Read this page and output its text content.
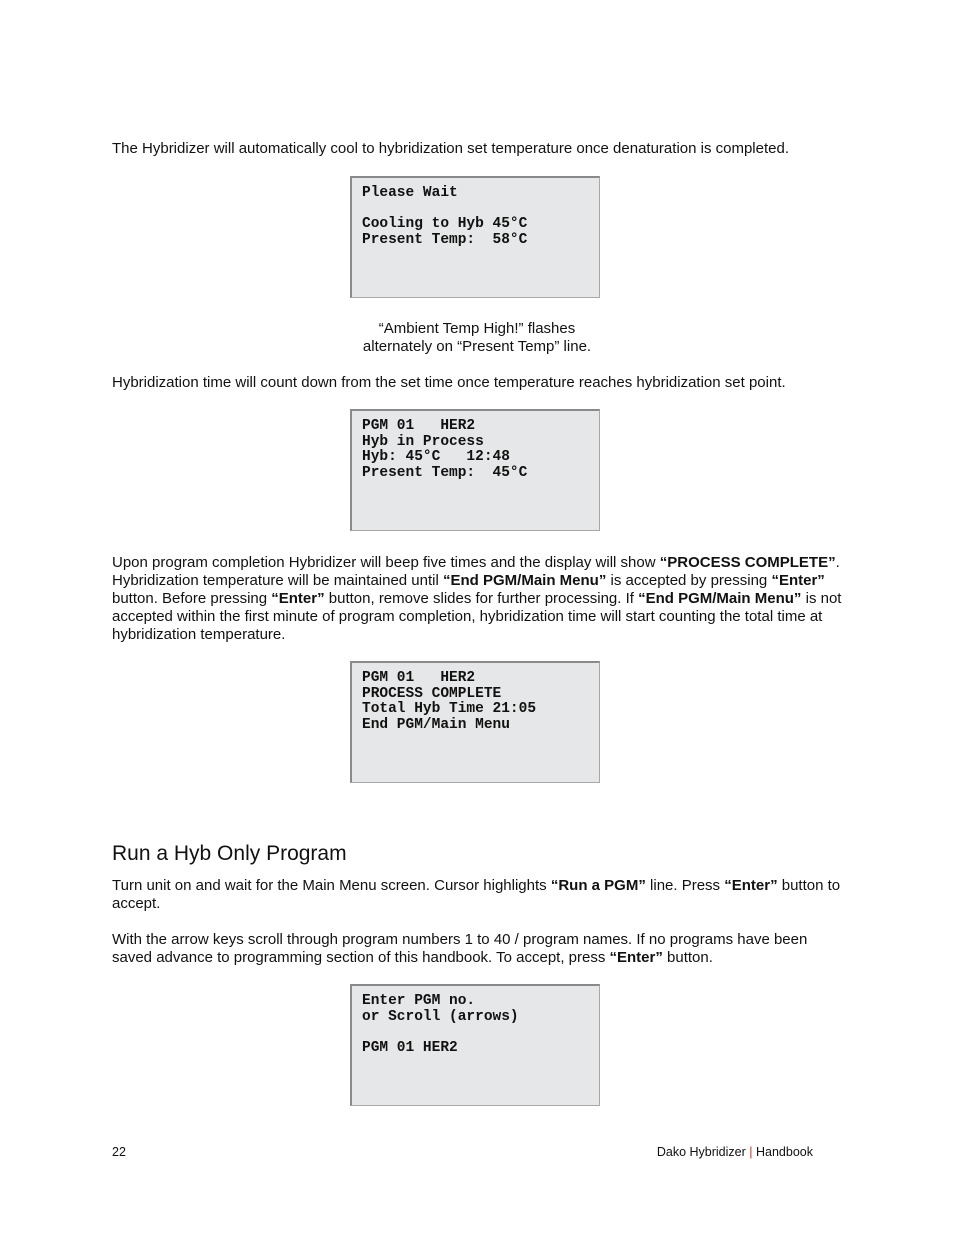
The Hybridizer will automatically cool to hybridization set temperature once denaturation is completed.

Please Wait

Cooling to Hyb 45°C
Present Temp:  58°C

“Ambient Temp High!” flashes
alternately on “Present Temp” line.

Hybridization time will count down from the set time once temperature reaches hybridization set point.

PGM 01   HER2
Hyb in Process
Hyb: 45°C   12:48
Present Temp:  45°C

Upon program completion Hybridizer will beep five times and the display will show “PROCESS COMPLETE”. Hybridization temperature will be maintained until “End PGM/Main Menu” is accepted by pressing “Enter” button. Before pressing “Enter” button, remove slides for further processing. If “End PGM/Main Menu” is not accepted within the first minute of program completion, hybridization time will start counting the total time at hybridization temperature.

PGM 01   HER2
PROCESS COMPLETE
Total Hyb Time 21:05
End PGM/Main Menu
Run a Hyb Only Program

Turn unit on and wait for the Main Menu screen. Cursor highlights “Run a PGM” line. Press “Enter” button to accept.

With the arrow keys scroll through program numbers 1 to 40 / program names. If no programs have been saved advance to programming section of this handbook. To accept, press “Enter” button.

Enter PGM no.
or Scroll (arrows)

PGM 01 HER2
22	Dako Hybridizer | Handbook
